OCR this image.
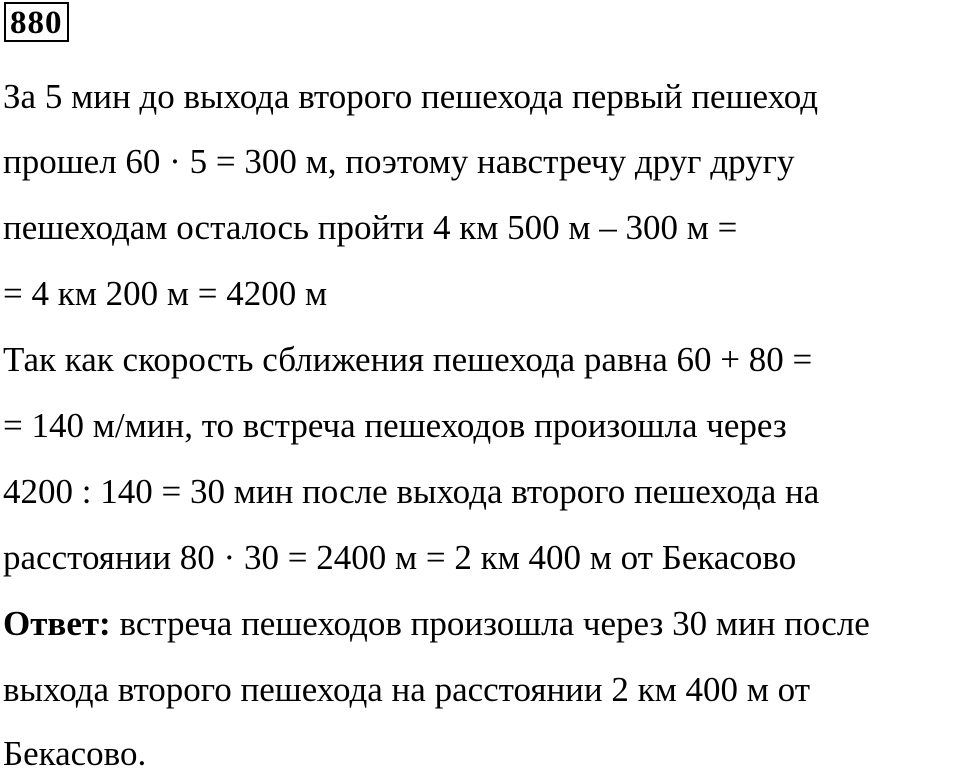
880
За 5 мин до выхода второго пешехода первый пешеход
прошел 60 · 5 = 300 м, поэтому навстречу друг другу
пешеходам осталось пройти 4 км 500 м – 300 м =
= 4 км 200 м = 4200 м
Так как скорость сближения пешехода равна 60 + 80 =
= 140 м/мин, то встреча пешеходов произошла через
4200 : 140 = 30 мин после выхода второго пешехода на
расстоянии 80 · 30 = 2400 м = 2 км 400 м от Бекасово
Ответ: встреча пешеходов произошла через 30 мин после
выхода второго пешехода на расстоянии 2 км 400 м от
Бекасово.
